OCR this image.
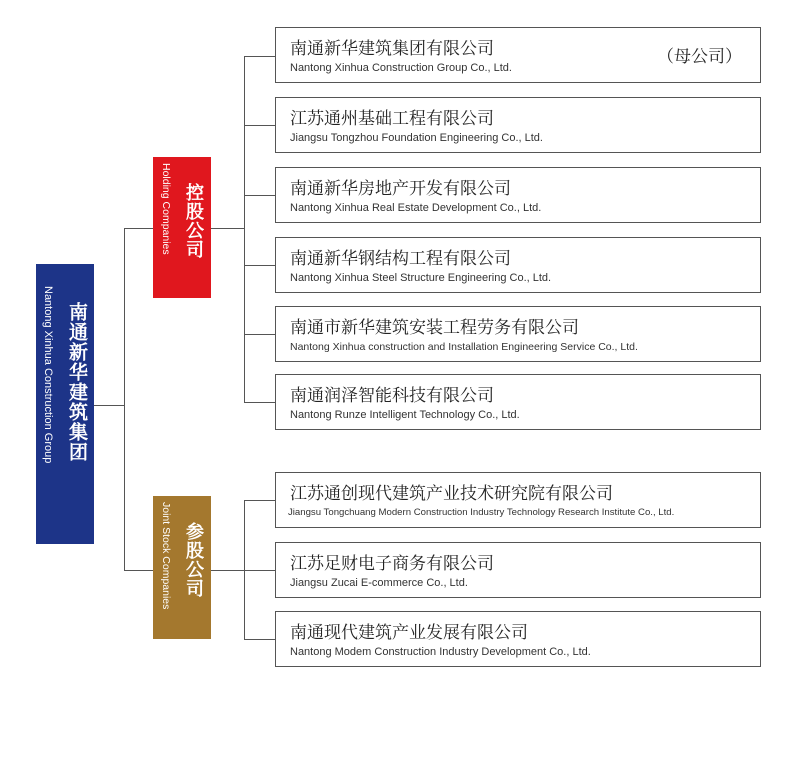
南通新华建筑集团
Nantong Xinhua Construction Group
控股公司
Holding Companies
参股公司
Joint Stock Companies
南通新华建筑集团有限公司
Nantong Xinhua Construction Group Co., Ltd.
（母公司）
江苏通州基础工程有限公司
Jiangsu Tongzhou Foundation Engineering Co., Ltd.
南通新华房地产开发有限公司
Nantong Xinhua Real Estate Development Co., Ltd.
南通新华钢结构工程有限公司
Nantong Xinhua Steel Structure Engineering Co., Ltd.
南通市新华建筑安装工程劳务有限公司
Nantong Xinhua construction and Installation Engineering Service Co., Ltd.
南通润泽智能科技有限公司
Nantong Runze Intelligent Technology Co., Ltd.
江苏通创现代建筑产业技术研究院有限公司
Jiangsu Tongchuang Modern Construction Industry Technology Research Institute Co., Ltd.
江苏足财电子商务有限公司
Jiangsu Zucai E-commerce Co., Ltd.
南通现代建筑产业发展有限公司
Nantong Modem Construction Industry Development Co., Ltd.
